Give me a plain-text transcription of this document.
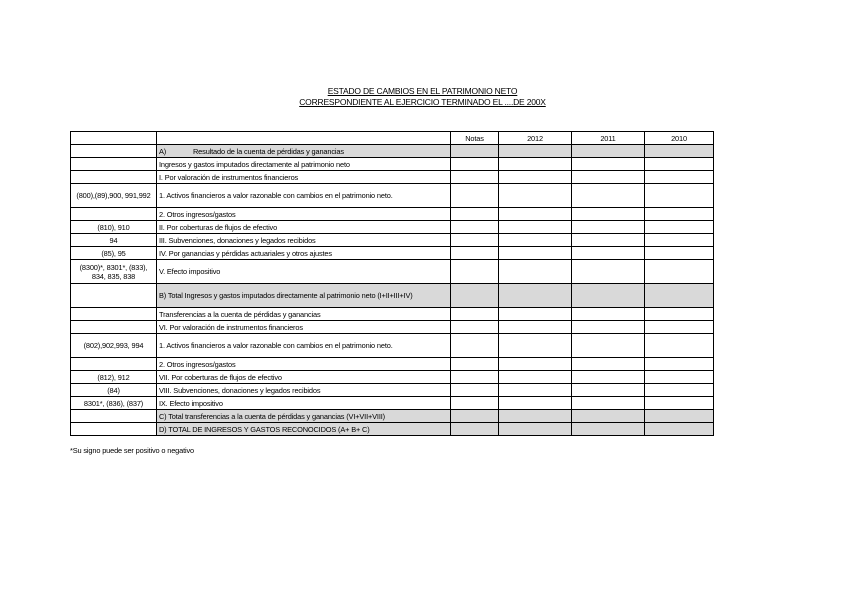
ESTADO DE CAMBIOS EN EL PATRIMONIO NETO
CORRESPONDIENTE AL EJERCICIO TERMINADO EL ....DE 200X
		Notas	2012	2011	2010
	A) Resultado de la cuenta de pérdidas y ganancias				
	Ingresos y gastos imputados directamente al patrimonio neto				
	I. Por valoración de instrumentos financieros				
(800),(89),900, 991,992	1. Activos financieros a valor razonable con cambios en el patrimonio neto.				
	2. Otros ingresos/gastos				
(810), 910	II. Por coberturas de flujos de efectivo				
94	III. Subvenciones, donaciones y legados recibidos				
(85), 95	IV. Por ganancias y pérdidas actuariales y otros ajustes				
(8300)*, 8301*, (833), 834, 835, 838	V. Efecto impositivo				
	B) Total Ingresos y gastos imputados directamente al patrimonio neto (I+II+III+IV)				
	Transferencias a la cuenta de pérdidas y ganancias				
	VI. Por valoración de instrumentos financieros				
(802),902,993, 994	1. Activos financieros a valor razonable con cambios en el patrimonio neto.				
	2. Otros ingresos/gastos				
(812), 912	VII. Por coberturas de flujos de efectivo				
(84)	VIII. Subvenciones, donaciones y legados recibidos				
8301*, (836), (837)	IX. Efecto impositivo				
	C) Total transferencias a la cuenta de pérdidas y ganancias (VI+VII+VIII)				
	D) TOTAL DE INGRESOS Y GASTOS RECONOCIDOS (A+ B+ C)				
*Su signo puede ser positivo o negativo
